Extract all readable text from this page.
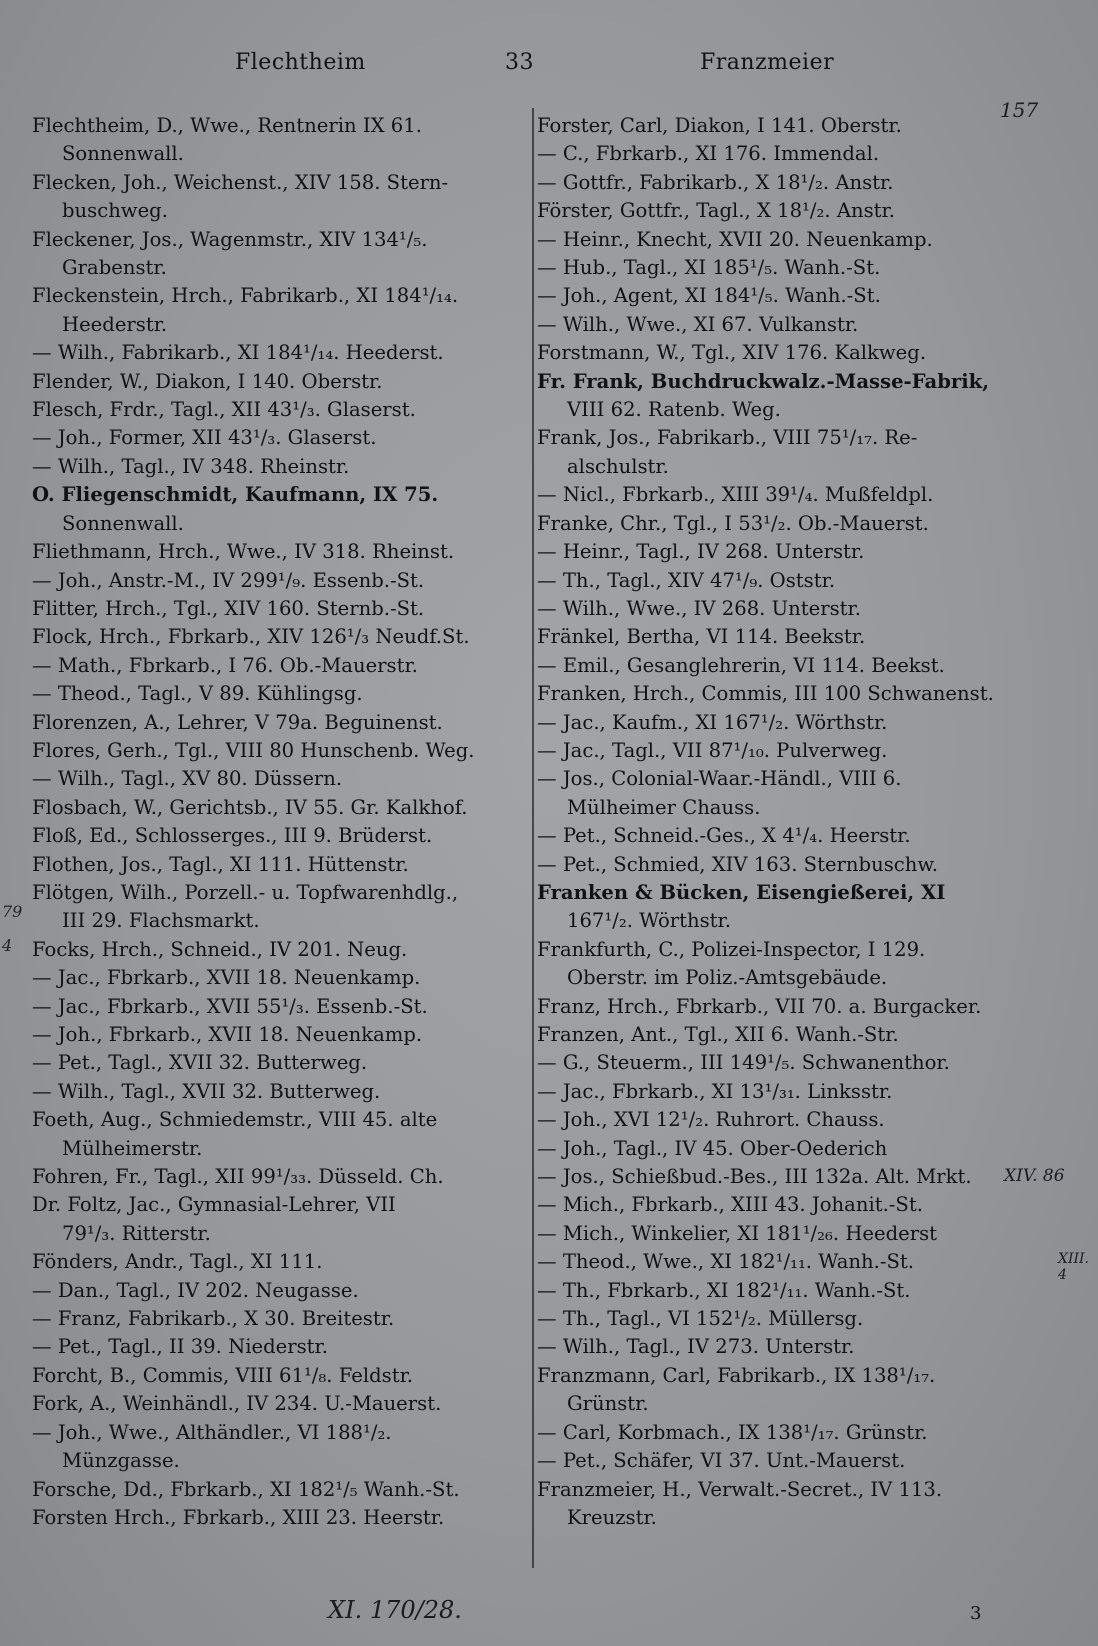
Flechtheim	33	Franzmeier
Flechtheim, D., Wwe., Rentnerin IX 61.
Sonnenwall.
Flecken, Joh., Weichenst., XIV 158. Stern-
buschweg.
Fleckener, Jos., Wagenmstr., XIV 134¹/₅.
Grabenstr.
Fleckenstein, Hrch., Fabrikarb., XI 184¹/₁₄.
Heederstr.
— Wilh., Fabrikarb., XI 184¹/₁₄. Heederst.
Flender, W., Diakon, I 140. Oberstr.
Flesch, Frdr., Tagl., XII 43¹/₃. Glaserst.
— Joh., Former, XII 43¹/₃. Glaserst.
— Wilh., Tagl., IV 348. Rheinstr.
O. Fliegenschmidt, Kaufmann, IX 75.
Sonnenwall.
Fliethmann, Hrch., Wwe., IV 318. Rheinst.
— Joh., Anstr.-M., IV 299¹/₉. Essenb.-St.
Flitter, Hrch., Tgl., XIV 160. Sternb.-St.
Flock, Hrch., Fbrkarb., XIV 126¹/₃ Neudf.St.
— Math., Fbrkarb., I 76. Ob.-Mauerstr.
— Theod., Tagl., V 89. Kühlingsg.
Florenzen, A., Lehrer, V 79a. Beguinenst.
Flores, Gerh., Tgl., VIII 80 Hunschenb. Weg.
— Wilh., Tagl., XV 80. Düssern.
Flosbach, W., Gerichtsb., IV 55. Gr. Kalkhof.
Floß, Ed., Schlosserges., III 9. Brüderst.
Flothen, Jos., Tagl., XI 111. Hüttenstr.
Flötgen, Wilh., Porzell.- u. Topfwarenhdlg.,
III 29. Flachsmarkt.
Focks, Hrch., Schneid., IV 201. Neug.
— Jac., Fbrkarb., XVII 18. Neuenkamp.
— Jac., Fbrkarb., XVII 55¹/₃. Essenb.-St.
— Joh., Fbrkarb., XVII 18. Neuenkamp.
— Pet., Tagl., XVII 32. Butterweg.
— Wilh., Tagl., XVII 32. Butterweg.
Foeth, Aug., Schmiedemstr., VIII 45. alte
Mülheimerstr.
Fohren, Fr., Tagl., XII 99¹/₃₃. Düsseld. Ch.
Dr. Foltz, Jac., Gymnasial-Lehrer, VII
79¹/₃. Ritterstr.
Fönders, Andr., Tagl., XI 111.
— Dan., Tagl., IV 202. Neugasse.
— Franz, Fabrikarb., X 30. Breitestr.
— Pet., Tagl., II 39. Niederstr.
Forcht, B., Commis, VIII 61¹/₈. Feldstr.
Fork, A., Weinhändl., IV 234. U.-Mauerst.
— Joh., Wwe., Althändler., VI 188¹/₂.
Münzgasse.
Forsche, Dd., Fbrkarb., XI 182¹/₅ Wanh.-St.
Forsten Hrch., Fbrkarb., XIII 23. Heerstr.
Forster, Carl, Diakon, I 141. Oberstr.
— C., Fbrkarb., XI 176. Immendal.
— Gottfr., Fabrikarb., X 18¹/₂. Anstr.
Förster, Gottfr., Tagl., X 18¹/₂. Anstr.
— Heinr., Knecht, XVII 20. Neuenkamp.
— Hub., Tagl., XI 185¹/₅. Wanh.-St.
— Joh., Agent, XI 184¹/₅. Wanh.-St.
— Wilh., Wwe., XI 67. Vulkanstr.
Forstmann, W., Tgl., XIV 176. Kalkweg.
Fr. Frank, Buchdruckwalz.-Masse-Fabrik,
VIII 62. Ratenb. Weg.
Frank, Jos., Fabrikarb., VIII 75¹/₁₇. Re-
alschulstr.
— Nicl., Fbrkarb., XIII 39¹/₄. Mußfeldpl.
Franke, Chr., Tgl., I 53¹/₂. Ob.-Mauerst.
— Heinr., Tagl., IV 268. Unterstr.
— Th., Tagl., XIV 47¹/₉. Oststr.
— Wilh., Wwe., IV 268. Unterstr.
Fränkel, Bertha, VI 114. Beekstr.
— Emil., Gesanglehrerin, VI 114. Beekst.
Franken, Hrch., Commis, III 100 Schwanenst.
— Jac., Kaufm., XI 167¹/₂. Wörthstr.
— Jac., Tagl., VII 87¹/₁₀. Pulverweg.
— Jos., Colonial-Waar.-Händl., VIII 6.
Mülheimer Chauss.
— Pet., Schneid.-Ges., X 4¹/₄. Heerstr.
— Pet., Schmied, XIV 163. Sternbuschw.
Franken & Bücken, Eisengießerei, XI
167¹/₂. Wörthstr.
Frankfurth, C., Polizei-Inspector, I 129.
Oberstr. im Poliz.-Amtsgebäude.
Franz, Hrch., Fbrkarb., VII 70. a. Burgacker.
Franzen, Ant., Tgl., XII 6. Wanh.-Str.
— G., Steuerm., III 149¹/₅. Schwanenthor.
— Jac., Fbrkarb., XI 13¹/₃₁. Linksstr.
— Joh., XVI 12¹/₂. Ruhrort. Chauss.
— Joh., Tagl., IV 45. Ober-Oederich
— Jos., Schießbud.-Bes., III 132a. Alt. Mrkt.
— Mich., Fbrkarb., XIII 43. Johanit.-St.
— Mich., Winkelier, XI 181¹/₂₆. Heederst
— Theod., Wwe., XI 182¹/₁₁. Wanh.-St.
— Th., Fbrkarb., XI 182¹/₁₁. Wanh.-St.
— Th., Tagl., VI 152¹/₂. Müllersg.
— Wilh., Tagl., IV 273. Unterstr.
Franzmann, Carl, Fabrikarb., IX 138¹/₁₇.
Grünstr.
— Carl, Korbmach., IX 138¹/₁₇. Grünstr.
— Pet., Schäfer, VI 37. Unt.-Mauerst.
Franzmeier, H., Verwalt.-Secret., IV 113.
Kreuzstr.
157
XIV. 86
XIII. 4
79
4
XI. 170/28.	3
